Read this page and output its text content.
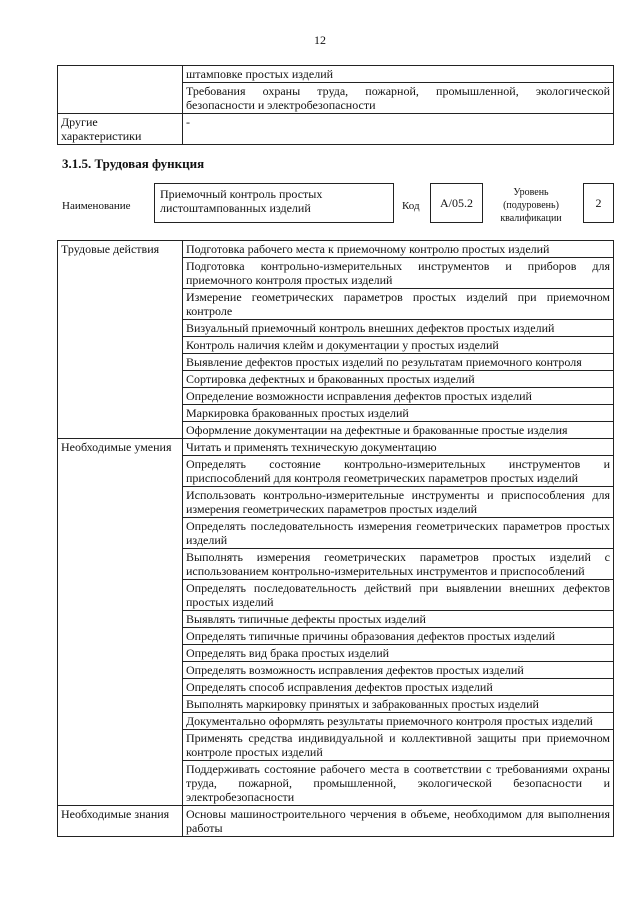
12
	штамповке простых изделий
	Требования охраны труда, пожарной, промышленной, экологической безопасности и электробезопасности
Другие характеристики	-
3.1.5. Трудовая функция
Наименование
Приемочный контроль простых листоштампованных изделий	Код	A/05.2
Уровень (подуровень) квалификации
2
Трудовые действия	Подготовка рабочего места к приемочному контролю простых изделий
	Подготовка контрольно-измерительных инструментов и приборов для приемочного контроля простых изделий
	Измерение геометрических параметров простых изделий при приемочном контроле
	Визуальный приемочный контроль внешних дефектов простых изделий
	Контроль наличия клейм и документации у простых изделий
	Выявление дефектов простых изделий по результатам приемочного контроля
	Сортировка дефектных и бракованных простых изделий
	Определение возможности исправления дефектов простых изделий
	Маркировка бракованных простых изделий
	Оформление документации на дефектные и бракованные простые изделия
Необходимые умения	Читать и применять техническую документацию
	Определять состояние контрольно-измерительных инструментов и приспособлений для контроля геометрических параметров простых изделий
	Использовать контрольно-измерительные инструменты и приспособления для измерения геометрических параметров простых изделий
	Определять последовательность измерения геометрических параметров простых изделий
	Выполнять измерения геометрических параметров простых изделий с использованием контрольно-измерительных инструментов и приспособлений
	Определять последовательность действий при выявлении внешних дефектов простых изделий
	Выявлять типичные дефекты простых изделий
	Определять типичные причины образования дефектов простых изделий
	Определять вид брака простых изделий
	Определять возможность исправления дефектов простых изделий
	Определять способ исправления дефектов простых изделий
	Выполнять маркировку принятых и забракованных простых изделий
	Документально оформлять результаты приемочного контроля простых изделий
	Применять средства индивидуальной и коллективной защиты при приемочном контроле простых изделий
	Поддерживать состояние рабочего места в соответствии с требованиями охраны труда, пожарной, промышленной, экологической безопасности и электробезопасности
Необходимые знания	Основы машиностроительного черчения в объеме, необходимом для выполнения работы
